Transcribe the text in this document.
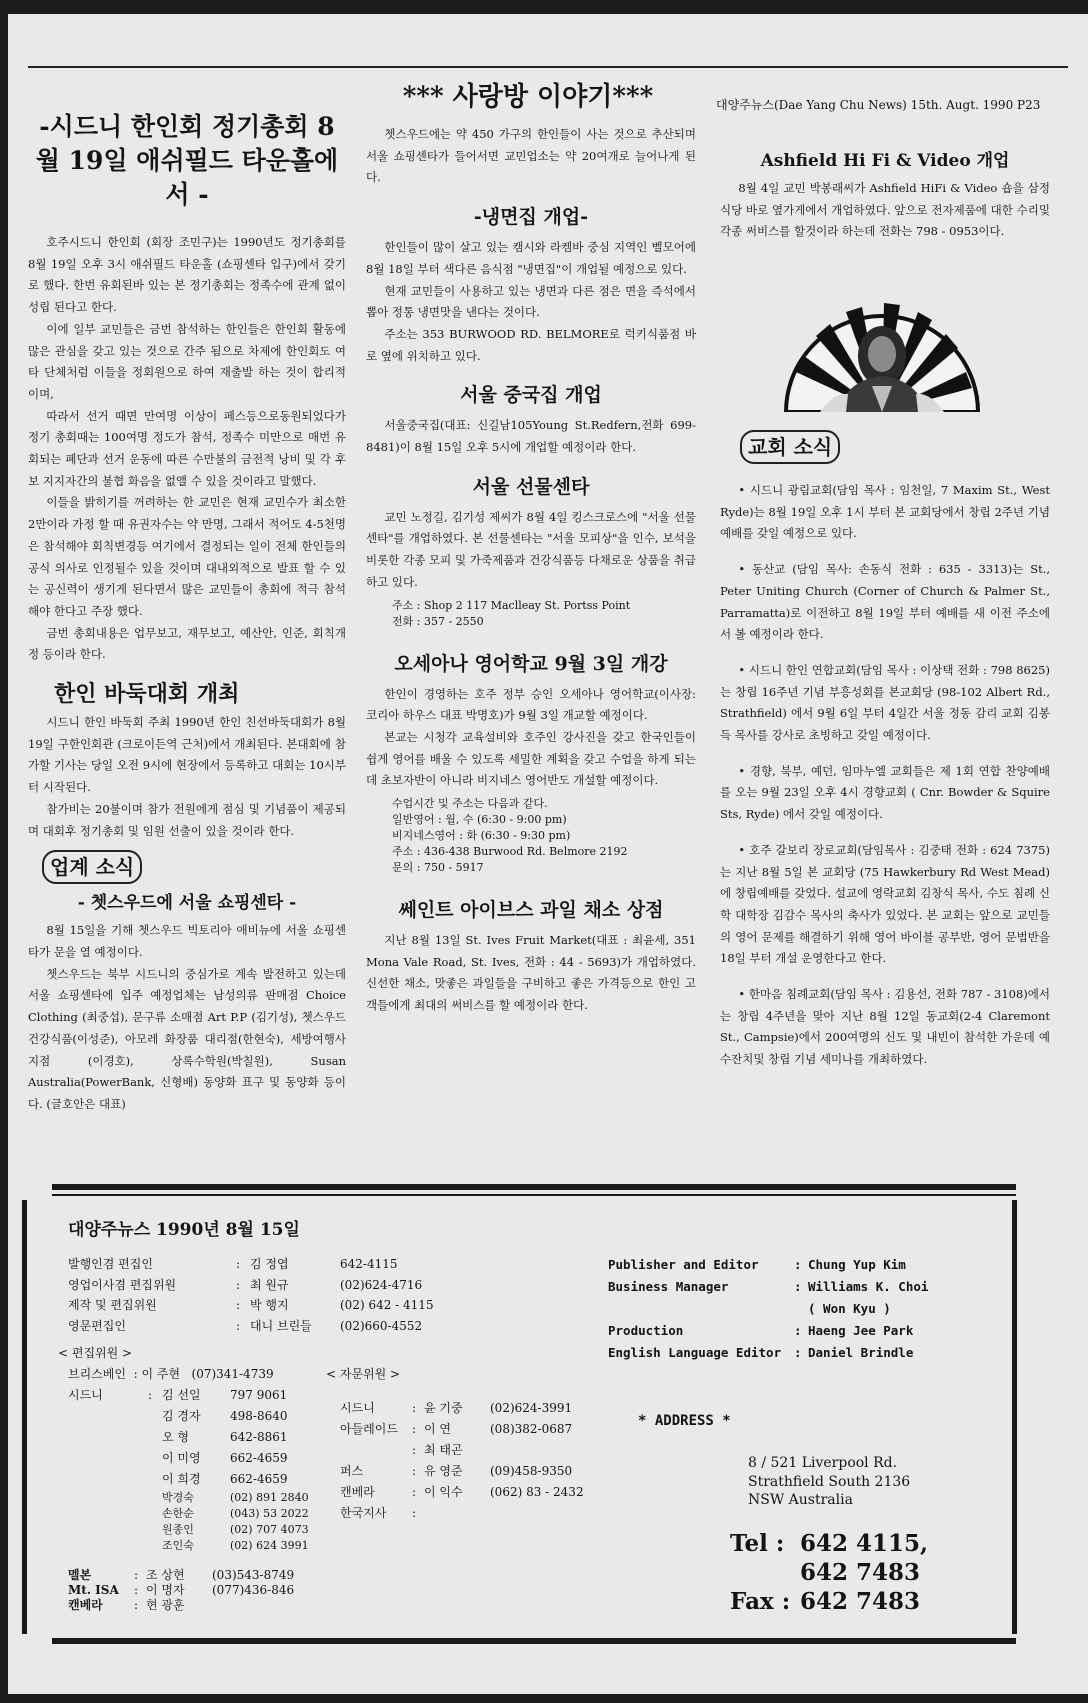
*** 사랑방 이야기***	대양주뉴스(Dae Yang Chu News) 15th. Augt. 1990 P23
-시드니 한인회 정기총회 8월 19일 애쉬필드 타운홀에서 -

호주시드니 한인회 (회장 조민구)는 1990년도 정기총회를 8월 19일 오후 3시 애쉬필드 타운홀 (쇼핑센타 입구)에서 갖기로 했다. 한번 유회된바 있는 본 정기총회는 정족수에 관계 없이 성립 된다고 한다.

이에 일부 교민들은 금번 참석하는 한인들은 한인회 활동에 많은 관심을 갖고 있는 것으로 간주 됨으로 차제에 한인회도 여타 단체처럼 이들을 정회원으로 하여 재출발 하는 것이 합리적이며,

따라서 선거 때면 만여명 이상이 페스등으로동원되었다가 정기 총회때는 100여명 정도가 참석, 정족수 미만으로 매번 유회되는 폐단과 선거 운동에 따른 수만불의 금전적 낭비 및 각 후보 지지자간의 불협 화음을 없앨 수 있을 것이라고 말했다.

이들을 밝히기를 꺼려하는 한 교민은 현재 교민수가 최소한 2만이라 가정 할 때 유권자수는 약 만명, 그래서 적어도 4-5천명은 참석해야 회칙변경등 여기에서 결정되는 일이 전체 한인들의 공식 의사로 인정될수 있을 것이며 대내외적으로 발표 할 수 있는 공신력이 생기게 된다면서 많은 교민들이 총회에 적극 참석해야 한다고 주장 했다.

금번 총회내용은 업무보고, 재무보고, 예산안, 인준, 회칙개정 등이라 한다.

한인 바둑대회 개최

시드니 한인 바둑회 주최 1990년 한인 친선바둑대회가 8월 19일 구한인회관 (크로이든역 근처)에서 개최된다. 본대회에 참가할 기사는 당일 오전 9시에 현장에서 등록하고 대회는 10시부터 시작된다.

참가비는 20불이며 참가 전원에게 점심 및 기념품이 제공되며 대회후 정기총회 및 임원 선출이 있을 것이라 한다.

업계 소식
- 쳇스우드에 서울 쇼핑센타 -

8월 15일을 기해 쳇스우드 빅토리아 애비뉴에 서울 쇼핑센타가 문을 열 예정이다.

쳇스우드는 북부 시드니의 중심가로 계속 발전하고 있는데 서울 쇼핑센타에 입주 예정업체는 남성의류 판매점 Choice Clothing (최중섭), 문구류 소매점 Art P.P (김기성), 쳇스우드 건강식품(이성준), 아모레 화장품 대리점(한현숙), 세방여행사 지점 (이경호), 상록수학원(박칠원), Susan Australia(PowerBank, 신형배) 동양화 표구 및 동양화 등이다. (글호안은 대표)

쳇스우드에는 약 450 가구의 한인들이 사는 것으로 추산되며 서울 쇼핑센타가 들어서면 교민업소는 약 20여개로 늘어나게 된다.

-냉면집 개업-

한인들이 많이 살고 있는 캠시와 라켐바 중심 지역인 벨모어에 8월 18일 부터 색다른 음식점 "냉면집"이 개업될 예정으로 있다.

현재 교민들이 사용하고 있는 냉면과 다른 점은 면을 즉석에서 뽑아 정통 냉면맛을 낸다는 것이다.

주소는 353 BURWOOD RD. BELMORE로 럭키식품점 바로 옆에 위치하고 있다.

서울 중국집 개업

서울중국집(대표: 신길남105Young St.Redfern,전화 699-8481)이 8월 15일 오후 5시에 개업할 예정이라 한다.

서울 선물센타

교민 노정길, 김기성 제씨가 8월 4일 킹스크로스에 "서울 선물센타"를 개업하였다. 본 선물센타는 "서울 모피상"을 인수, 보석을 비롯한 각종 모피 및 가죽제품과 건강식품등 다채로운 상품을 취급하고 있다.

주소 : Shop 2 117 Maclleay St. Portss Point

전화 : 357 - 2550

오세아나 영어학교 9월 3일 개강

한인이 경영하는 호주 정부 승인 오세아나 영어학교(이사장: 코리아 하우스 대표 박명호)가 9월 3일 개교할 예정이다.

본교는 시청각 교육설비와 호주인 강사진을 갖고 한국인들이 쉽게 영어를 배울 수 있도록 세밀한 계획을 갖고 수업을 하게 되는데 초보자반이 아니라 비지네스 영어반도 개설할 예정이다.

수업시간 및 주소는 다음과 같다.

일반영어 : 월, 수 (6:30 - 9:00 pm)

비지네스영어 : 화 (6:30 - 9:30 pm)

주소 : 436-438 Burwood Rd. Belmore 2192

문의 : 750 - 5917

쎄인트 아이브스 과일 채소 상점

지난 8월 13일 St. Ives Fruit Market(대표 : 최윤세, 351 Mona Vale Road, St. Ives, 전화 : 44 - 5693)가 개업하였다. 신선한 채소, 맛좋은 과일들을 구비하고 좋은 가격등으로 한인 고객들에게 최대의 써비스를 할 예정이라 한다.

Ashfield Hi Fi & Video 개업

8월 4일 교민 박봉래씨가 Ashfield HiFi & Video 숍을 삼정식당 바로 옆가게에서 개업하였다. 앞으로 전자제품에 대한 수리및 각종 써비스를 할것이라 하는데 전화는 798 - 0953이다.

교회 소식

• 시드니 광림교회(담임 목사 : 임천일, 7 Maxim St., West Ryde)는 8월 19일 오후 1시 부터 본 교회당에서 창립 2주년 기념 예배를 갖일 예정으로 있다.

• 동산교 (담임 목사: 손동식 전화 : 635 - 3313)는 St., Peter Uniting Church (Corner of Church & Palmer St., Parramatta)로 이전하고 8월 19일 부터 예배를 새 이전 주소에서 볼 예정이라 한다.

• 시드니 한인 연합교회(담임 목사 : 이상택 전화 : 798 8625) 는 창립 16주년 기념 부흥성회를 본교회당 (98-102 Albert Rd., Strathfield) 에서 9월 6일 부터 4일간 서울 정동 감리 교회 김봉득 목사를 강사로 초빙하고 갖일 예정이다.

• 경향, 북부, 예던, 임마누엘 교회들은 제 1회 연합 찬양예배를 오는 9월 23일 오후 4시 경향교회 ( Cnr. Bowder & Squire Sts, Ryde) 에서 갖일 예정이다.

• 호주 갈보리 장로교회(담임목사 : 김중태 전화 : 624 7375)는 지난 8월 5일 본 교회당 (75 Hawkerbury Rd West Mead)에 창립예배를 갖었다. 설교에 영락교회 김창식 목사, 수도 침례 신학 대학장 김감수 목사의 축사가 있었다. 본 교회는 앞으로 교민들의 영어 문제를 해결하기 위해 영어 바이블 공부반, 영어 문법반을 18일 부터 개설 운영한다고 한다.

• 한마음 침례교회(담임 목사 : 김용선, 전화 787 - 3108)에서는 창립 4주년을 맞아 지난 8월 12일 동교회(2-4 Claremont St., Campsie)에서 200여명의 신도 및 내빈이 참석한 가운데 예수잔치및 창립 기념 세미나를 개최하였다.

대양주뉴스 1990년 8월 15일
발행인겸 편집인	: 김 정엽	642-4115
영업이사겸 편집위원	: 최 원규	(02)624-4716
제작 및 편집위원	: 박 행지	(02) 642 - 4115
영문편집인	: 대니 브린들	(02)660-4552
< 편집위원 >
브리스베인  : 이 주현 (07)341-4739	< 자문위원 >
시드니	: 김 선일	797 9061
김 경자	498-8640
오 형	642-8861
이 미영	662-4659
이 희경	662-4659
박경숙	(02) 891 2840
손한순	(043) 53 2022
원종인	(02) 707 4073
조인숙	(02) 624 3991
시드니	: 윤 기중	(02)624-3991
아들레이드	: 이 연	(08)382-0687
: 최 태곤
퍼스	: 유 영준	(09)458-9350
캔베라	: 이 익수	(062) 83 - 2432
한국지사	:
멜본	: 조 상현	(03)543-8749
Mt. ISA	: 이 명자	(077)436-846
캔베라	: 현 광훈
Publisher and Editor	: Chung Yup Kim
Business Manager	: Williams K. Choi
( Won Kyu )
Production	: Haeng Jee Park
English Language Editor	: Daniel Brindle
* ADDRESS *
8 / 521 Liverpool Rd.
Strathfield South 2136
NSW Australia
Tel : 642 4115,
642 7483
Fax : 642 7483
